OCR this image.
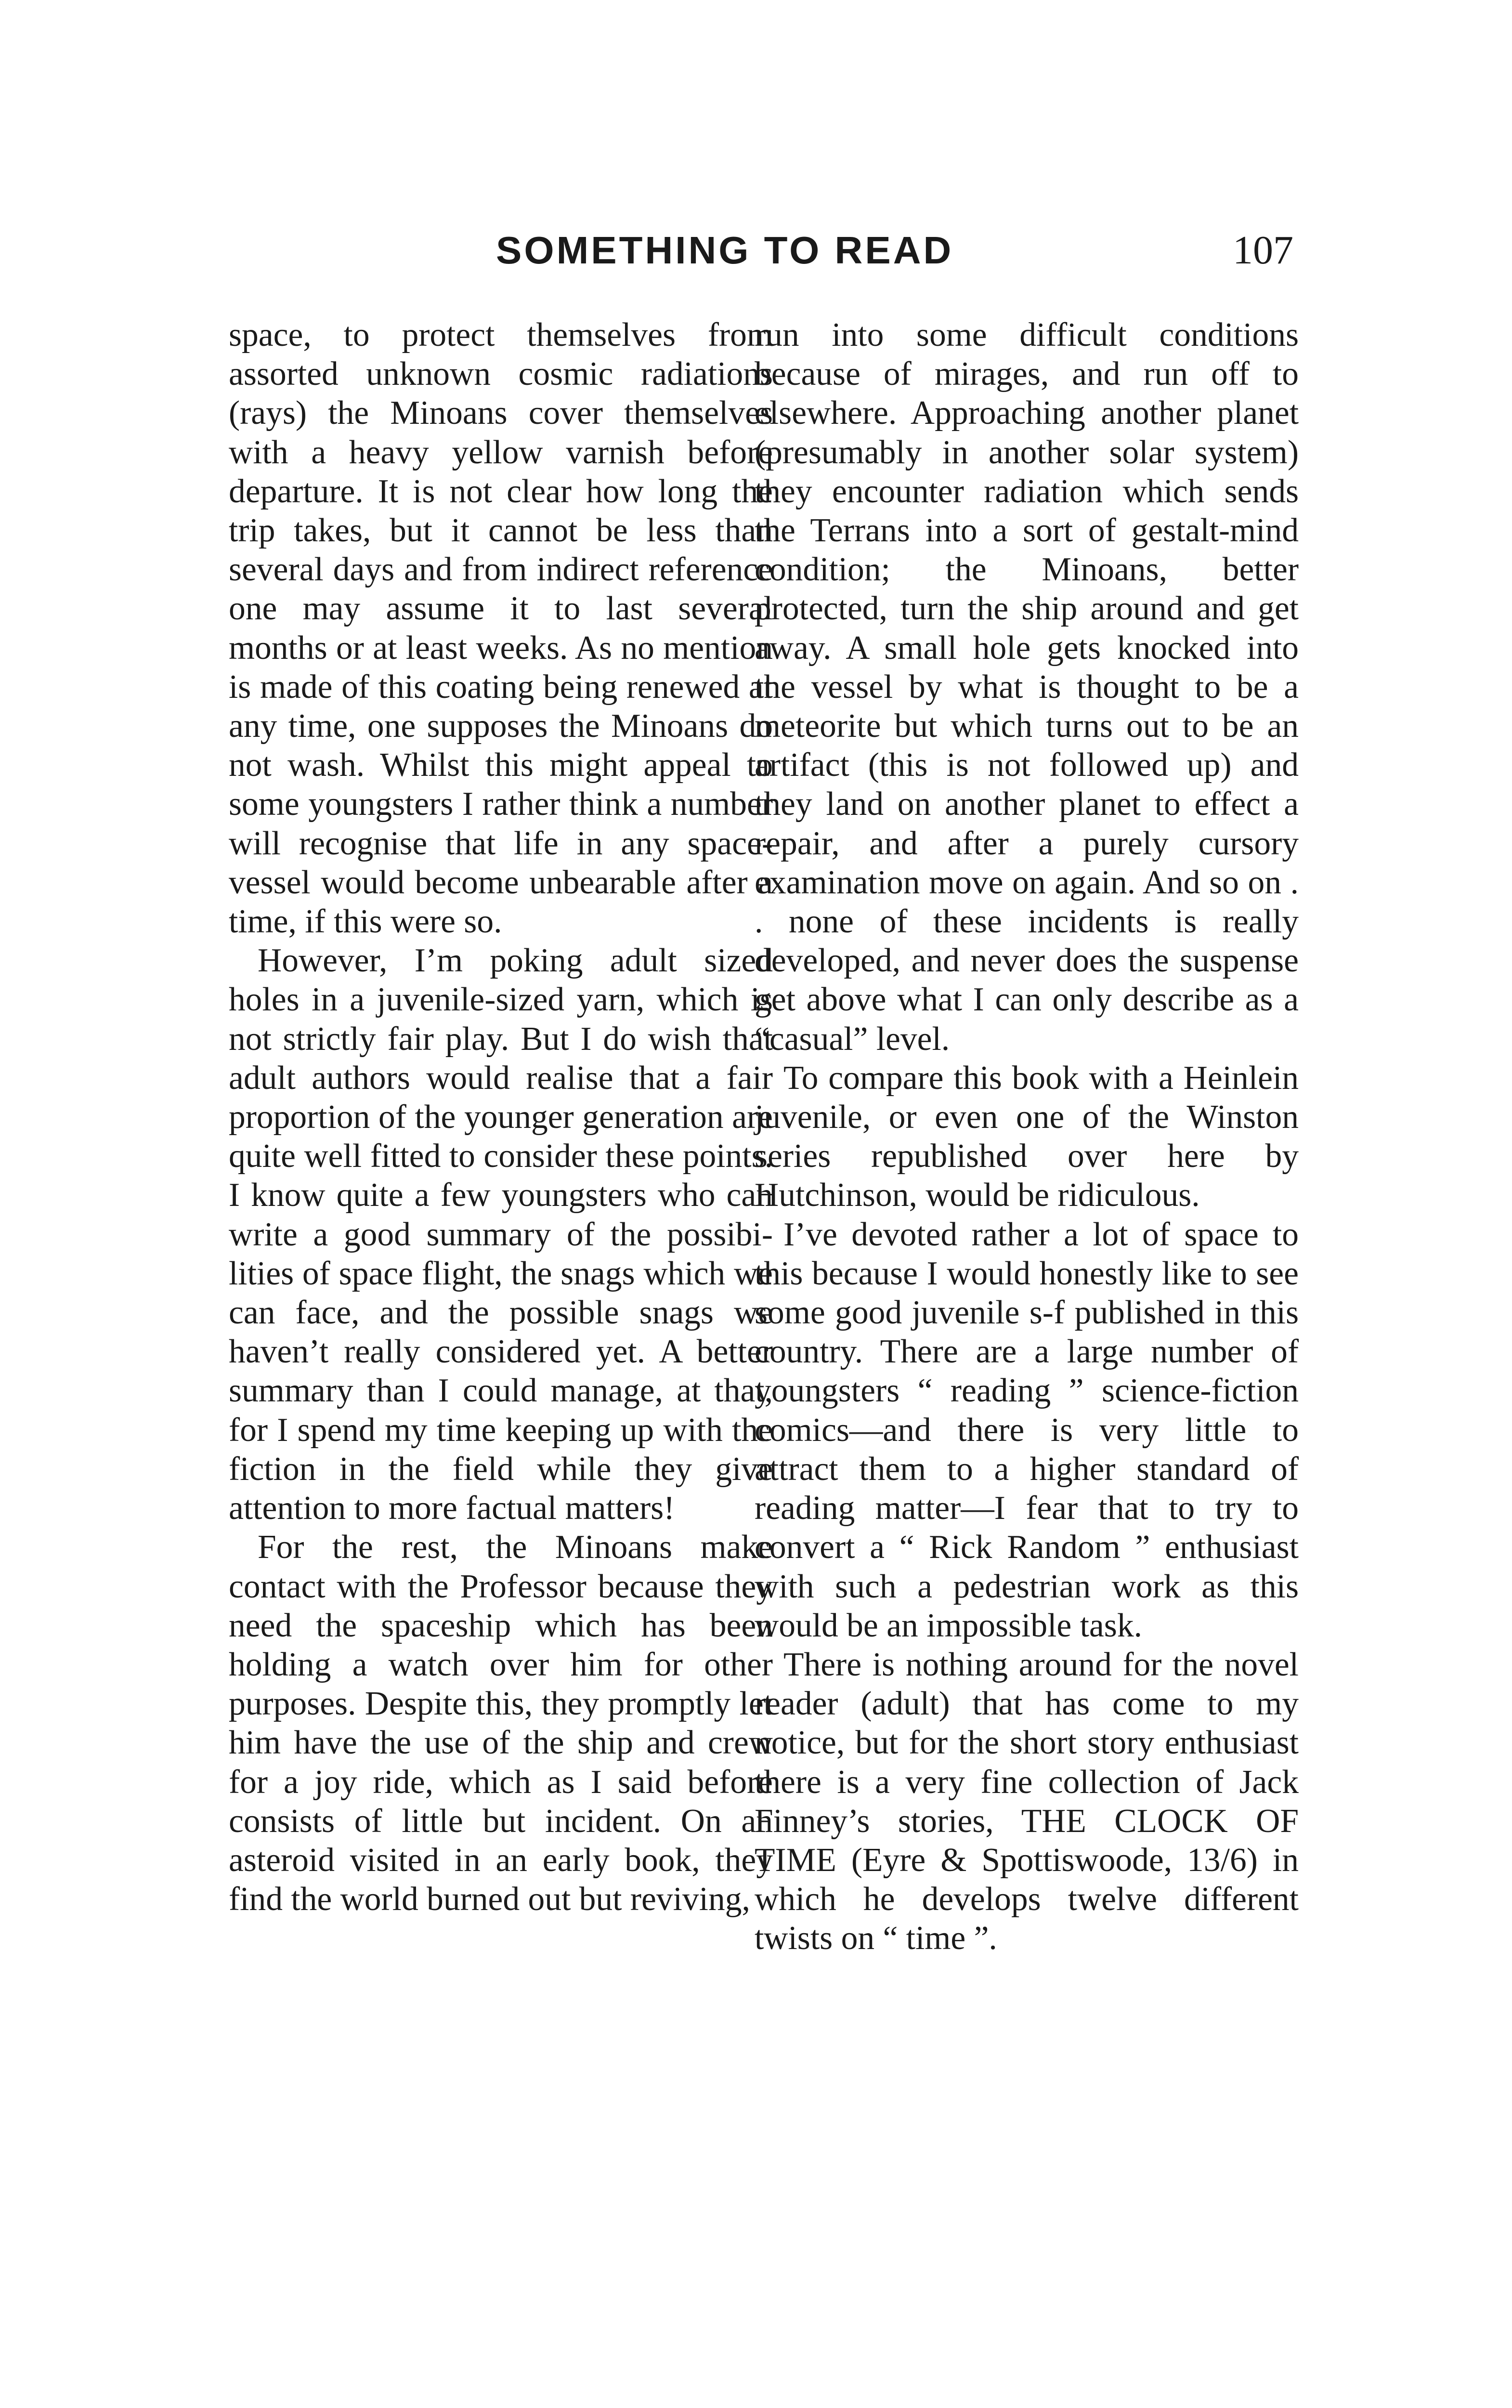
SOMETHING TO READ	107

space, to protect themselves from assorted unknown cosmic radiations (rays) the Minoans cover themselves with a heavy yellow varnish before departure. It is not clear how long the trip takes, but it cannot be less than several days and from indirect reference one may assume it to last several months or at least weeks. As no mention is made of this coating being renewed at any time, one supposes the Minoans do not wash. Whilst this might appeal to some youngsters I rather think a number will recognise that life in any space-vessel would become unbearable after a time, if this were so.

However, I’m poking adult sized holes in a juvenile-sized yarn, which is not strictly fair play. But I do wish that adult authors would realise that a fair proportion of the younger generation are quite well fitted to consider these points. I know quite a few youngsters who can write a good summary of the possibilities of space flight, the snags which we can face, and the possible snags we haven’t really considered yet. A better summary than I could manage, at that, for I spend my time keeping up with the fiction in the field while they give attention to more factual matters!

For the rest, the Minoans make contact with the Professor because they need the spaceship which has been holding a watch over him for other purposes. Despite this, they promptly let him have the use of the ship and crew for a joy ride, which as I said before consists of little but incident. On an asteroid visited in an early book, they find the world burned out but reviving,

run into some difficult conditions because of mirages, and run off to elsewhere. Approaching another planet (presumably in another solar system) they encounter radiation which sends the Terrans into a sort of gestalt-mind condition; the Minoans, better protected, turn the ship around and get away. A small hole gets knocked into the vessel by what is thought to be a meteorite but which turns out to be an artifact (this is not followed up) and they land on another planet to effect a repair, and after a purely cursory examination move on again. And so on . . none of these incidents is really developed, and never does the suspense get above what I can only describe as a “casual” level.

To compare this book with a Heinlein juvenile, or even one of the Winston series republished over here by Hutchinson, would be ridiculous.

I’ve devoted rather a lot of space to this because I would honestly like to see some good juvenile s-f published in this country. There are a large number of youngsters “ reading ” science-fiction comics—and there is very little to attract them to a higher standard of reading matter—I fear that to try to convert a “ Rick Random ” enthusiast with such a pedestrian work as this would be an impossible task.

There is nothing around for the novel reader (adult) that has come to my notice, but for the short story enthusiast there is a very fine collection of Jack Finney’s stories, THE CLOCK OF TIME (Eyre & Spottiswoode, 13/6) in which he develops twelve different twists on “ time ”.
